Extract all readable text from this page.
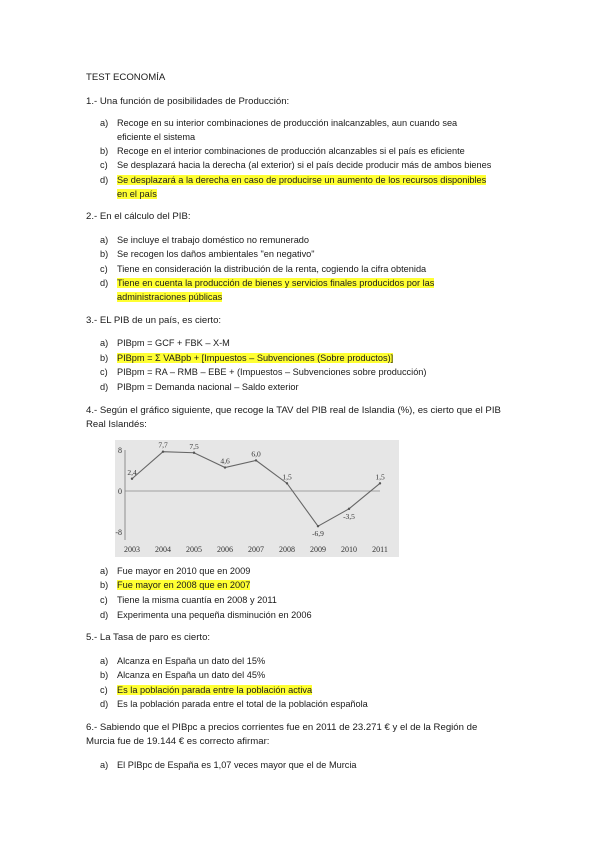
TEST ECONOMÍA
1.- Una función de posibilidades de Producción:
a) Recoge en su interior combinaciones de producción inalcanzables, aun cuando sea
eficiente el sistema
b) Recoge en el interior combinaciones de producción alcanzables si el país es eficiente
c)	Se desplazará hacia la derecha (al exterior) si el país decide producir más de ambos bienes
d) Se desplazará a la derecha en caso de producirse un aumento de los recursos disponibles
en el país
2.- En el cálculo del PIB:
a) Se incluye el trabajo doméstico no remunerado
b) Se recogen los daños ambientales "en negativo"
c)	Tiene en consideración la distribución de la renta, cogiendo la cifra obtenida
d) Tiene en cuenta la producción de bienes y servicios finales producidos por las
administraciones públicas
3.- EL PIB de un país, es cierto:
a) PIBpm = GCF + FBK – X-M
b) PIBpm = Σ VABpb + [Impuestos – Subvenciones (Sobre productos)]
c)	PIBpm = RA – RMB – EBE + (Impuestos – Subvenciones sobre producción)
d) PIBpm = Demanda nacional – Saldo exterior
4.- Según el gráfico siguiente, que recoge la TAV del PIB real de Islandia (%), es cierto que el PIB
Real Islandés:
8
0
-8
2,4
7,7	7,5
4,6
6,0
1,5
-6,9
-3,5
1,5
2003 2004 2005 2006 2007 2008 2009 2010 2011
a) Fue mayor en 2010 que en 2009
b) Fue mayor en 2008 que en 2007
c)	Tiene la misma cuantía en 2008 y 2011
d) Experimenta una pequeña disminución en 2006
5.- La Tasa de paro es cierto:
a) Alcanza en España un dato del 15%
b) Alcanza en España un dato del 45%
c)	Es la población parada entre la población activa
d) Es la población parada entre el total de la población española
6.- Sabiendo que el PIBpc a precios corrientes fue en 2011 de 23.271 € y el de la Región de
Murcia fue de 19.144 € es correcto afirmar:
a) El PIBpc de España es 1,07 veces mayor que el de Murcia
